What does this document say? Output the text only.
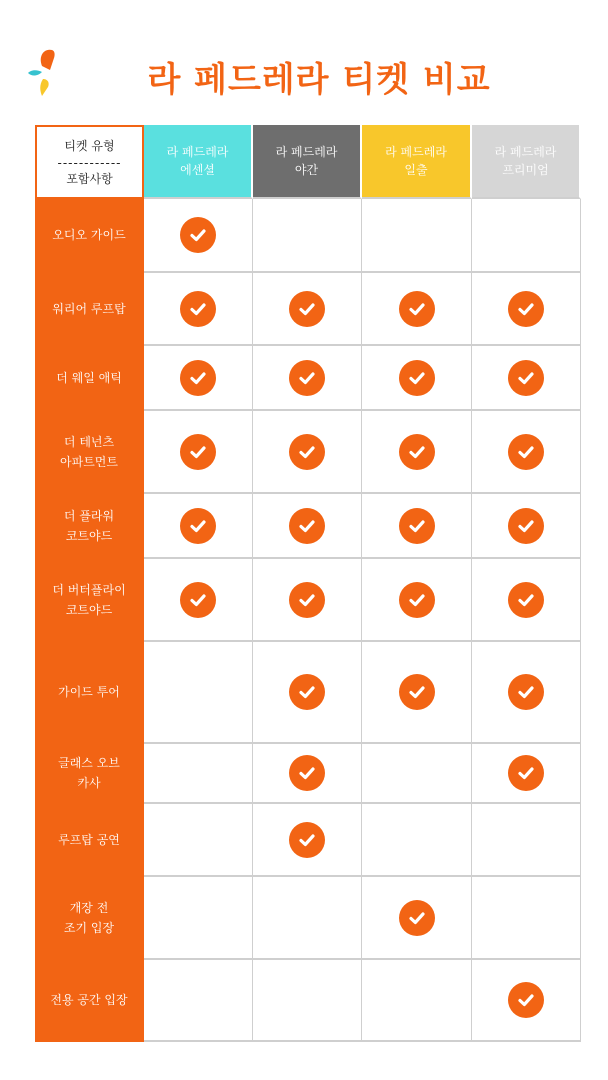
라 페드레라 티켓 비교
티켓 유형
------------
포함사항
라 페드레라
에센셜
라 페드레라
야간
라 페드레라
일출
라 페드레라
프리미엄
오디오 가이드
워리어 루프탑
더 웨일 애틱
더 테넌츠
아파트먼트
더 플라워
코트야드
더 버터플라이
코트야드
가이드 투어
글래스 오브
카사
루프탑 공연
개장 전
조기 입장
전용 공간 입장
